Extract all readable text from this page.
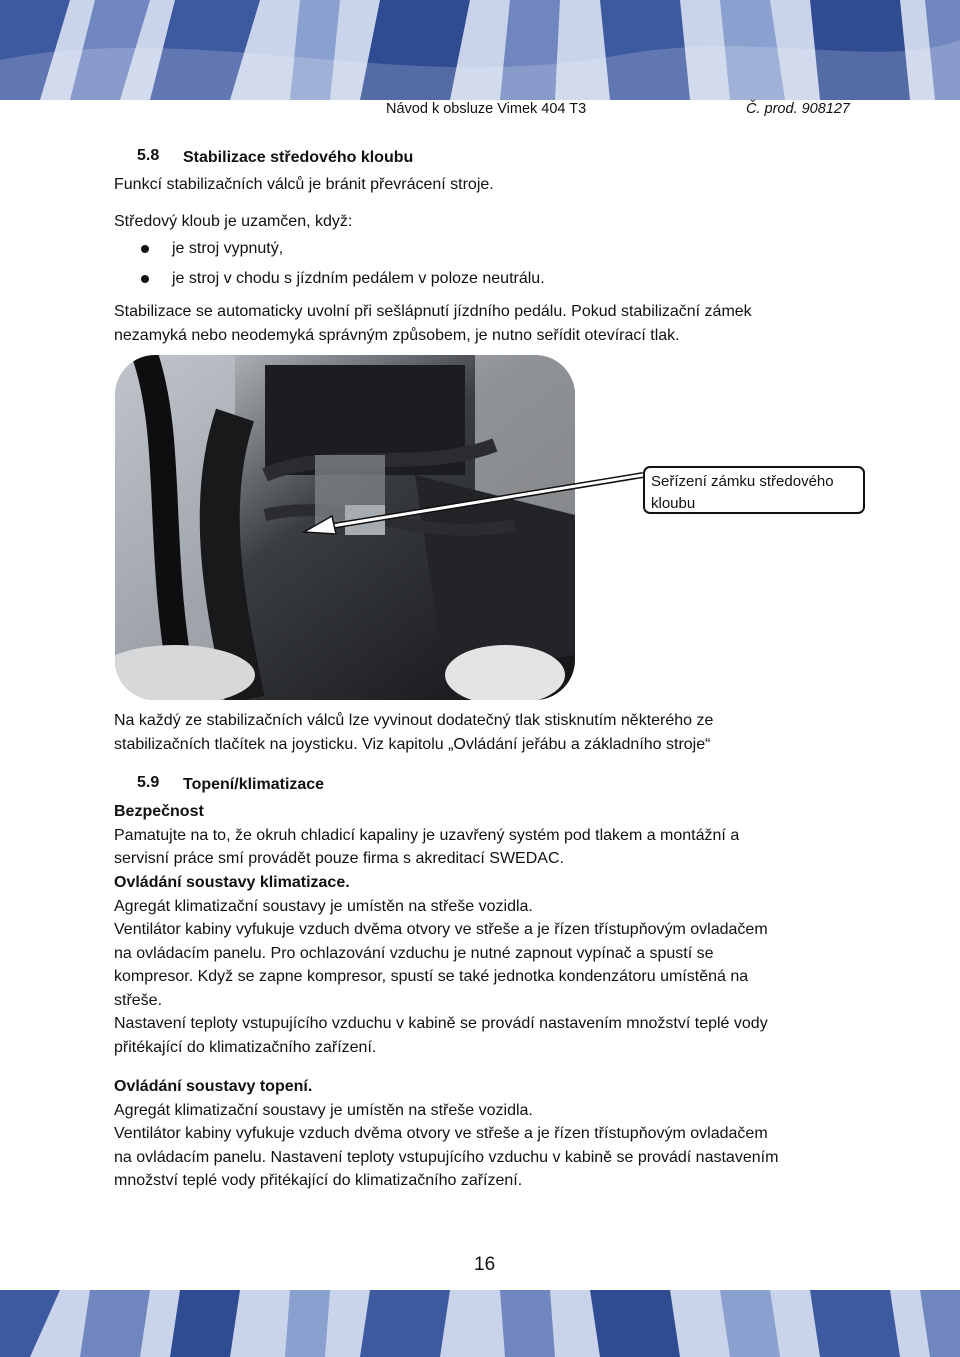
Návod k obsluze Vimek 404 T3	Č. prod. 908127
5.8 Stabilizace středového kloubu
Funkcí stabilizačních válců je bránit převrácení stroje.
Středový kloub je uzamčen, když:
je stroj vypnutý,
je stroj v chodu s jízdním pedálem v poloze neutrálu.
Stabilizace se automaticky uvolní při sešlápnutí jízdního pedálu. Pokud stabilizační zámek
nezamyká nebo neodemyká správným způsobem, je nutno seřídit otevírací tlak.
Seřízení zámku středového
kloubu
Na každý ze stabilizačních válců lze vyvinout dodatečný tlak stisknutím některého ze
stabilizačních tlačítek na joysticku. Viz kapitolu „Ovládání jeřábu a základního stroje“
5.9 Topení/klimatizace
Bezpečnost
Pamatujte na to, že okruh chladicí kapaliny je uzavřený systém pod tlakem a montážní a
servisní práce smí provádět pouze firma s akreditací SWEDAC.
Ovládání soustavy klimatizace.
Agregát klimatizační soustavy je umístěn na střeše vozidla.
Ventilátor kabiny vyfukuje vzduch dvěma otvory ve střeše a je řízen třístupňovým ovladačem
na ovládacím panelu. Pro ochlazování vzduchu je nutné zapnout vypínač a spustí se
kompresor. Když se zapne kompresor, spustí se také jednotka kondenzátoru umístěná na
střeše.
Nastavení teploty vstupujícího vzduchu v kabině se provádí nastavením množství teplé vody
přitékající do klimatizačního zařízení.
Ovládání soustavy topení.
Agregát klimatizační soustavy je umístěn na střeše vozidla.
Ventilátor kabiny vyfukuje vzduch dvěma otvory ve střeše a je řízen třístupňovým ovladačem
na ovládacím panelu. Nastavení teploty vstupujícího vzduchu v kabině se provádí nastavením
množství teplé vody přitékající do klimatizačního zařízení.
16
